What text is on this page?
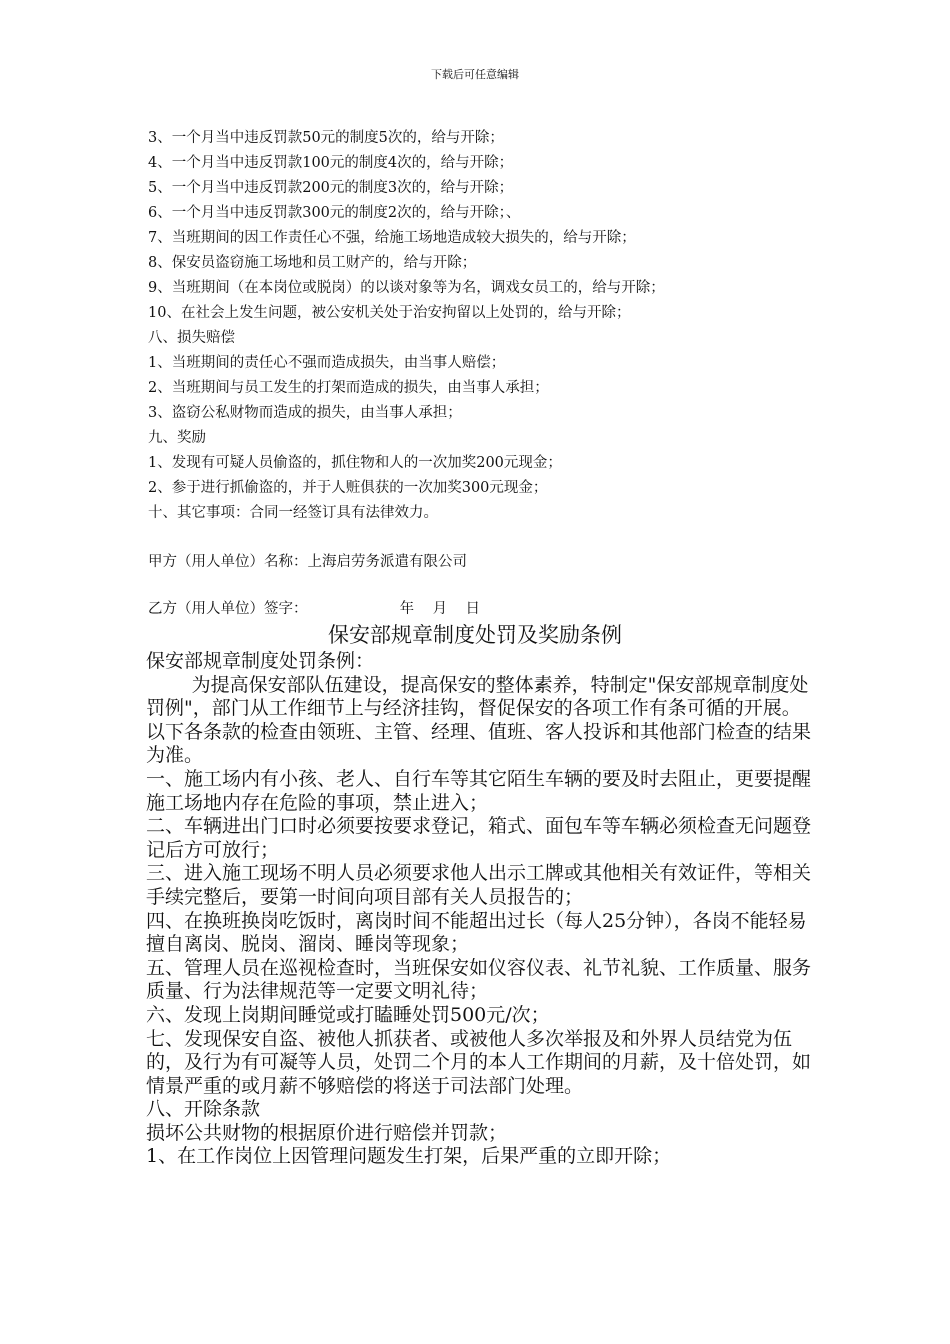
下载后可任意编辑
3、一个月当中违反罚款50元的制度5次的，给与开除；
4、一个月当中违反罚款100元的制度4次的，给与开除；
5、一个月当中违反罚款200元的制度3次的，给与开除；
6、一个月当中违反罚款300元的制度2次的，给与开除；、
7、当班期间的因工作责任心不强，给施工场地造成较大损失的，给与开除；
8、保安员盗窃施工场地和员工财产的，给与开除；
9、当班期间（在本岗位或脱岗）的以谈对象等为名，调戏女员工的，给与开除；
10、在社会上发生问题，被公安机关处于治安拘留以上处罚的，给与开除；
八、损失赔偿
1、当班期间的责任心不强而造成损失，由当事人赔偿；
2、当班期间与员工发生的打架而造成的损失，由当事人承担；
3、盗窃公私财物而造成的损失，由当事人承担；
九、奖励
1、发现有可疑人员偷盗的，抓住物和人的一次加奖200元现金；
2、参于进行抓偷盗的，并于人赃俱获的一次加奖300元现金；
十、其它事项：合同一经签订具有法律效力。
甲方（用人单位）名称：上海启劳务派遣有限公司
乙方（用人单位）签字：                    年    月    日
保安部规章制度处罚及奖励条例

保安部规章制度处罚条例：

为提高保安部队伍建设，提高保安的整体素养，特制定"保安部规章制度处罚例"，部门从工作细节上与经济挂钩，督促保安的各项工作有条可循的开展。以下各条款的检查由领班、主管、经理、值班、客人投诉和其他部门检查的结果为准。

一、施工场内有小孩、老人、自行车等其它陌生车辆的要及时去阻止，更要提醒施工场地内存在危险的事项，禁止进入；

二、车辆进出门口时必须要按要求登记，箱式、面包车等车辆必须检查无问题登记后方可放行；

三、进入施工现场不明人员必须要求他人出示工牌或其他相关有效证件，等相关手续完整后，要第一时间向项目部有关人员报告的；

四、在换班换岗吃饭时，离岗时间不能超出过长（每人25分钟），各岗不能轻易擅自离岗、脱岗、溜岗、睡岗等现象；

五、管理人员在巡视检查时，当班保安如仪容仪表、礼节礼貌、工作质量、服务质量、行为法律规范等一定要文明礼待；

六、发现上岗期间睡觉或打瞌睡处罚500元/次；

七、发现保安自盗、被他人抓获者、或被他人多次举报及和外界人员结党为伍的，及行为有可凝等人员，处罚二个月的本人工作期间的月薪，及十倍处罚，如情景严重的或月薪不够赔偿的将送于司法部门处理。

八、开除条款

损坏公共财物的根据原价进行赔偿并罚款；

1、在工作岗位上因管理问题发生打架，后果严重的立即开除；
